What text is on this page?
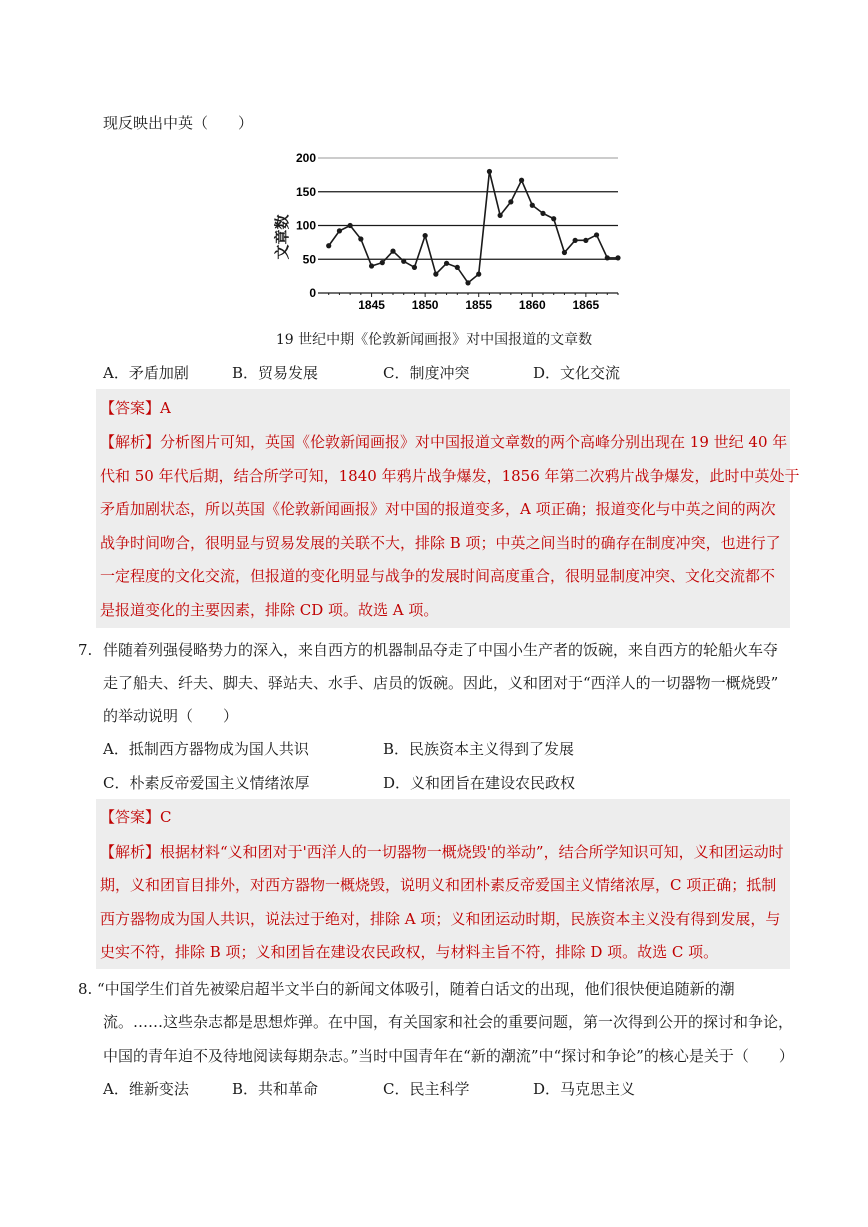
现反映出中英（　　）
0
50
100
150
200
1845 1850 1855 1860 1865
文章数
19 世纪中期《伦敦新闻画报》对中国报道的文章数
A．矛盾加剧	B．贸易发展	C．制度冲突	D．文化交流
【答案】A
【解析】 分析图片可知，英国《伦敦新闻画报》对中国报道文章数的两个高峰分别出现在 19 世纪 40 年
代和 50 年代后期，结合所学可知，1840 年鸦片战争爆发，1856 年第二次鸦片战争爆发，此时中英处于
矛盾加剧状态，所以英国《伦敦新闻画报》对中国的报道变多，A 项正确；报道变化与中英之间的两次
战争时间吻合，很明显与贸易发展的关联不大，排除 B 项；中英之间当时的确存在制度冲突，也进行了
一定程度的文化交流，但报道的变化明显与战争的发展时间高度重合，很明显制度冲突、文化交流都不
是报道变化的主要因素，排除 CD 项。故选 A 项。
7. 伴随着列强侵略势力的深入，来自西方的机器制品夺走了中国小生产者的饭碗，来自西方的轮船火车夺
走了船夫、纤夫、脚夫、驿站夫、水手、店员的饭碗。因此，义和团对于“西洋人的一切器物一概烧毁”
的举动说明（　　）
A．抵制西方器物成为国人共识	B．民族资本主义得到了发展
C．朴素反帝爱国主义情绪浓厚	D．义和团旨在建设农民政权
【答案】C
【解析】 根据材料“义和团对于'西洋人的一切器物一概烧毁'的举动”，结合所学知识可知，义和团运动时
期，义和团盲目排外，对西方器物一概烧毁，说明义和团朴素反帝爱国主义情绪浓厚，C 项正确；抵制
西方器物成为国人共识，说法过于绝对，排除 A 项；义和团运动时期，民族资本主义没有得到发展，与
史实不符，排除 B 项；义和团旨在建设农民政权，与材料主旨不符，排除 D 项。故选 C 项。
8. “中国学生们首先被梁启超半文半白的新闻文体吸引，随着白话文的出现，他们很快便追随新的潮
流。……这些杂志都是思想炸弹。在中国，有关国家和社会的重要问题，第一次得到公开的探讨和争论，
中国的青年迫不及待地阅读每期杂志。”当时中国青年在“新的潮流”中“探讨和争论”的核心是关于（　　）
A．维新变法	B．共和革命	C．民主科学	D．马克思主义
